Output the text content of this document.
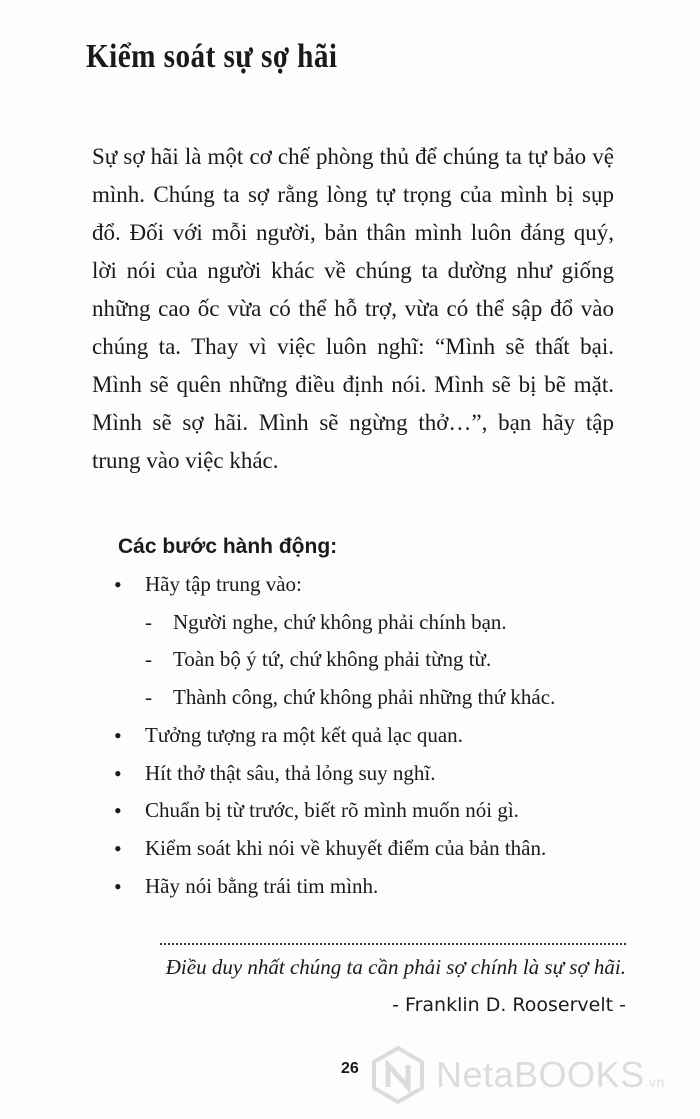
Kiểm soát sự sợ hãi

Sự sợ hãi là một cơ chế phòng thủ để chúng ta tự bảo vệ mình. Chúng ta sợ rằng lòng tự trọng của mình bị sụp đổ. Đối với mỗi người, bản thân mình luôn đáng quý, lời nói của người khác về chúng ta dường như giống những cao ốc vừa có thể hỗ trợ, vừa có thể sập đổ vào chúng ta. Thay vì việc luôn nghĩ: “Mình sẽ thất bại. Mình sẽ quên những điều định nói. Mình sẽ bị bẽ mặt. Mình sẽ sợ hãi. Mình sẽ ngừng thở…”, bạn hãy tập trung vào việc khác.

Các bước hành động:
• Hãy tập trung vào:
- Người nghe, chứ không phải chính bạn.
- Toàn bộ ý tứ, chứ không phải từng từ.
- Thành công, chứ không phải những thứ khác.
• Tưởng tượng ra một kết quả lạc quan.
• Hít thở thật sâu, thả lỏng suy nghĩ.
• Chuẩn bị từ trước, biết rõ mình muốn nói gì.
• Kiểm soát khi nói về khuyết điểm của bản thân.
• Hãy nói bằng trái tim mình.

Điều duy nhất chúng ta cần phải sợ chính là sự sợ hãi.

- Franklin D. Rooservelt -

26 NetaBOOKS.vn
